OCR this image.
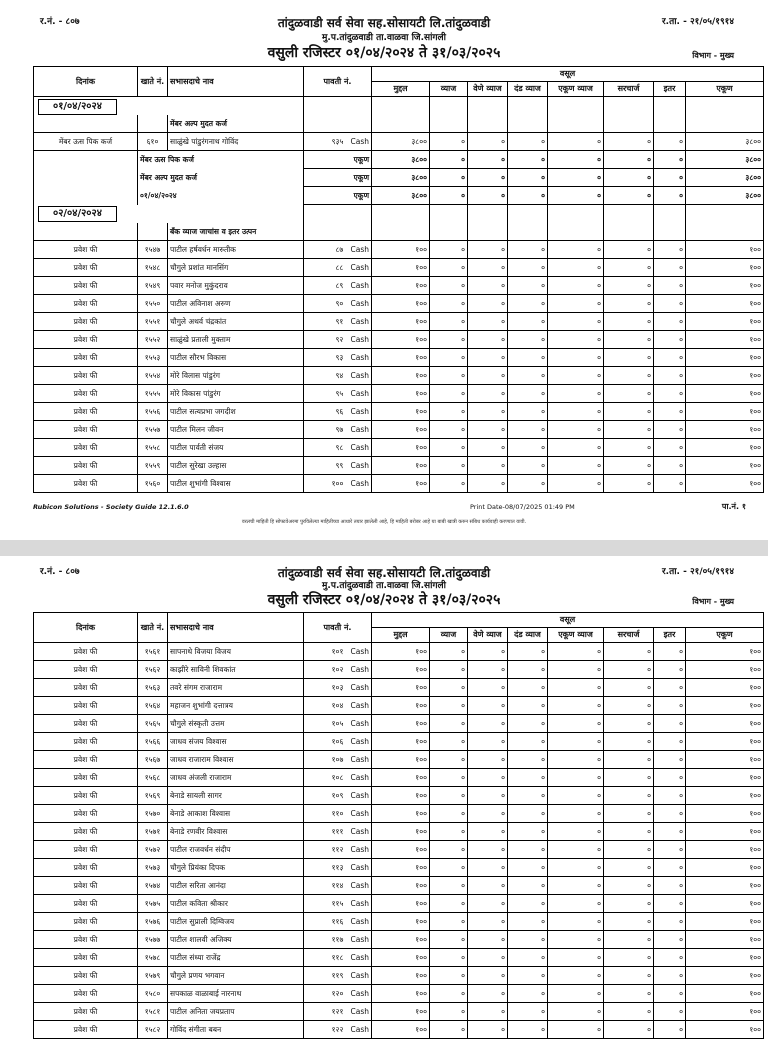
र.नं. - ८०७	तांदुळवाडी सर्व सेवा सह.सोसायटी लि.तांदुळवाडी	र.ता. - २१/०५/१९१४
मु.प.तांदुळवाडी ता.वाळवा जि.सांगली
वसुली रजिस्टर ०१/०४/२०२४ ते ३१/०३/२०२५	विभाग - मुख्य
दिनांक	खाते नं.	सभासदाचे नाव	पावती नं.	वसूल							
				मुद्दल	व्याज	वेणे व्याज	दंड व्याज	एकूण व्याज	सरचार्ज	इतर	एकूण
०१/०४/२०२४											
		मेंबर अल्प मुदत कर्ज									
मेंबर ऊस पिक कर्ज	६१०	साळुंखे पांडुरंगनाथ गोविंद	९३५ Cash	३८००	०	०	०	०	०	०	३८००
	मेंबर ऊस पिक कर्ज		एकूण	३८००	०	०	०	०	०	०	३८००
	मेंबर अल्प मुदत कर्ज		एकूण	३८००	०	०	०	०	०	०	३८००
	०१/०४/२०२४		एकूण	३८००	०	०	०	०	०	०	३८००
०२/०४/२०२४											
		बँक व्याज जाचांस व इतर उत्पन									
प्रवेश फी	१५४७	पाटील हर्षवर्धन मारुतीक	८७ Cash	१००	०	०	०	०	०	०	१००
प्रवेश फी	१५४८	चौगुले प्रशांत मानसिंग	८८ Cash	१००	०	०	०	०	०	०	१००
प्रवेश फी	१५४९	पवार मनोज मुकुंदराव	८९ Cash	१००	०	०	०	०	०	०	१००
प्रवेश फी	१५५०	पाटील अविनाश अरुण	९० Cash	१००	०	०	०	०	०	०	१००
प्रवेश फी	१५५१	चौगुले अथर्व चंद्रकांत	९१ Cash	१००	०	०	०	०	०	०	१००
प्रवेश फी	१५५२	साळुंखे प्रताली मुक्ताम	९२ Cash	१००	०	०	०	०	०	०	१००
प्रवेश फी	१५५३	पाटील सौरभ विकास	९३ Cash	१००	०	०	०	०	०	०	१००
प्रवेश फी	१५५४	मोरे विलास पांडुरंग	९४ Cash	१००	०	०	०	०	०	०	१००
प्रवेश फी	१५५५	मोरे विकास पांडुरंग	९५ Cash	१००	०	०	०	०	०	०	१००
प्रवेश फी	१५५६	पाटील सत्यप्रभा जगदीश	९६ Cash	१००	०	०	०	०	०	०	१००
प्रवेश फी	१५५७	पाटील मिलन जीवन	९७ Cash	१००	०	०	०	०	०	०	१००
प्रवेश फी	१५५८	पाटील पार्वती संजय	९८ Cash	१००	०	०	०	०	०	०	१००
प्रवेश फी	१५५९	पाटील सुरेखा उल्हास	९९ Cash	१००	०	०	०	०	०	०	१००
प्रवेश फी	१५६०	पाटील शुभांगी विश्वास	१०० Cash	१००	०	०	०	०	०	०	१००
Rubicon Solutions - Society Guide 12.1.6.0	Print Date-08/07/2025 01:49 PM	पा.नं. १
वरलची माहिती हि सोफ्टवेअरमा पुरविलेल्या माहितीच्या आधारे तयार झालेली आहे, हि माहिती बरोबर आहे या बाबी खात्री करुन संबिध कार्यवाही करण्यात यावी.
र.नं. - ८०७	तांदुळवाडी सर्व सेवा सह.सोसायटी लि.तांदुळवाडी	र.ता. - २१/०५/१९१४
मु.प.तांदुळवाडी ता.वाळवा जि.सांगली
वसुली रजिस्टर ०१/०४/२०२४ ते ३१/०३/२०२५	विभाग - मुख्य
दिनांक	खाते नं.	सभासदाचे नाव	पावती नं.	वसूल							
				मुद्दल	व्याज	वेणे व्याज	दंड व्याज	एकूण व्याज	सरचार्ज	इतर	एकूण
प्रवेश फी	१५६१	सापनाथे विजया विजय	१०१ Cash	१००	०	०	०	०	०	०	१००
प्रवेश फी	१५६२	काझीरे साविनी शिवकांत	१०२ Cash	१००	०	०	०	०	०	०	१००
प्रवेश फी	१५६३	तवरे संगम राजाराम	१०३ Cash	१००	०	०	०	०	०	०	१००
प्रवेश फी	१५६४	महाजन शुभांगी दत्तात्रय	१०४ Cash	१००	०	०	०	०	०	०	१००
प्रवेश फी	१५६५	चौगुले संस्कृती उत्तम	१०५ Cash	१००	०	०	०	०	०	०	१००
प्रवेश फी	१५६६	जाधव संजय विश्वास	१०६ Cash	१००	०	०	०	०	०	०	१००
प्रवेश फी	१५६७	जाधव राजाराम विश्वास	१०७ Cash	१००	०	०	०	०	०	०	१००
प्रवेश फी	१५६८	जाधव अंजली राजाराम	१०८ Cash	१००	०	०	०	०	०	०	१००
प्रवेश फी	१५६९	बेनाडे सायली सागर	१०९ Cash	१००	०	०	०	०	०	०	१००
प्रवेश फी	१५७०	बेनाडे आकाश विश्वास	११० Cash	१००	०	०	०	०	०	०	१००
प्रवेश फी	१५७१	बेनाडे रणवीर विश्वास	१११ Cash	१००	०	०	०	०	०	०	१००
प्रवेश फी	१५७२	पाटील राजवर्धन संदीप	११२ Cash	१००	०	०	०	०	०	०	१००
प्रवेश फी	१५७३	चौगुले प्रियंका दिपक	११३ Cash	१००	०	०	०	०	०	०	१००
प्रवेश फी	१५७४	पाटील सरिता आनंदा	११४ Cash	१००	०	०	०	०	०	०	१००
प्रवेश फी	१५७५	पाटील कविता श्रीकार	११५ Cash	१००	०	०	०	०	०	०	१००
प्रवेश फी	१५७६	पाटील सुप्राली दिग्विजय	११६ Cash	१००	०	०	०	०	०	०	१००
प्रवेश फी	१५७७	पाटील शालवी अजिक्य	११७ Cash	१००	०	०	०	०	०	०	१००
प्रवेश फी	१५७८	पाटील संध्या राजेंद्र	११८ Cash	१००	०	०	०	०	०	०	१००
प्रवेश फी	१५७९	चौगुले प्रणय भगवान	११९ Cash	१००	०	०	०	०	०	०	१००
प्रवेश फी	१५८०	सपकाळ वाळाबाई नारनाथ	१२० Cash	१००	०	०	०	०	०	०	१००
प्रवेश फी	१५८१	पाटील अनिता जयप्रताप	१२१ Cash	१००	०	०	०	०	०	०	१००
प्रवेश फी	१५८२	गोविंद संगीता बबन	१२२ Cash	१००	०	०	०	०	०	०	१००
